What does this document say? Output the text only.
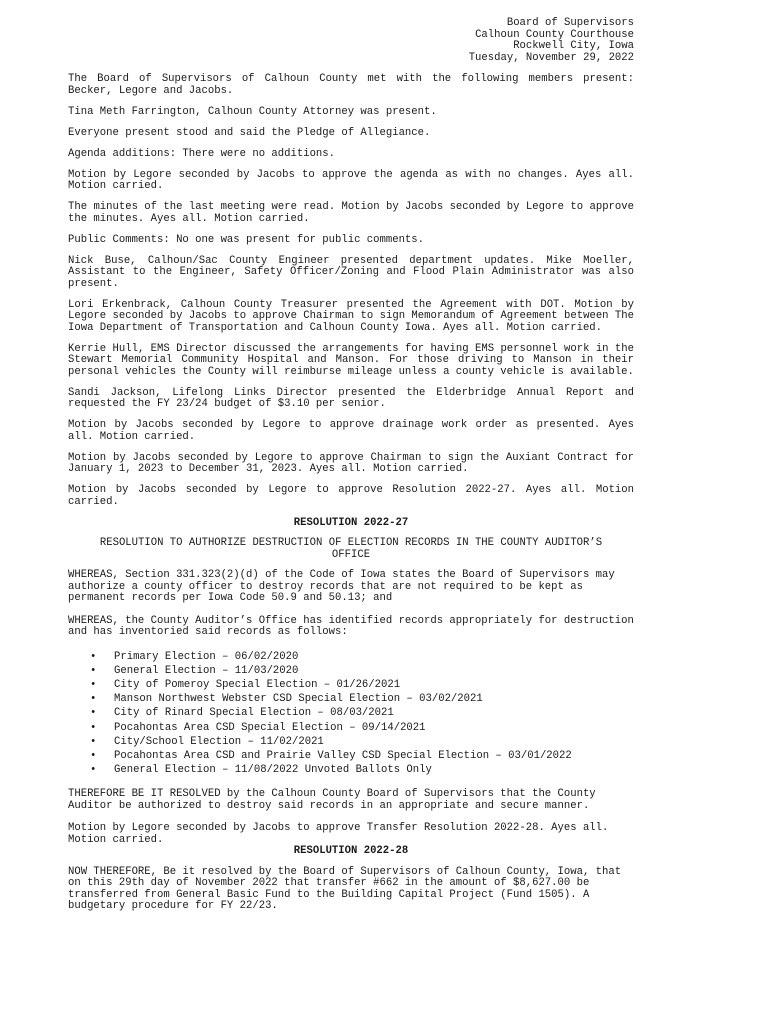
Board of Supervisors
Calhoun County Courthouse
Rockwell City, Iowa
Tuesday, November 29, 2022

The Board of Supervisors of Calhoun County met with the following members present: Becker, Legore and Jacobs.

Tina Meth Farrington, Calhoun County Attorney was present.

Everyone present stood and said the Pledge of Allegiance.

Agenda additions: There were no additions.

Motion by Legore seconded by Jacobs to approve the agenda as with no changes. Ayes all. Motion carried.

The minutes of the last meeting were read. Motion by Jacobs seconded by Legore to approve the minutes. Ayes all. Motion carried.

Public Comments: No one was present for public comments.

Nick Buse, Calhoun/Sac County Engineer presented department updates. Mike Moeller, Assistant to the Engineer, Safety Officer/Zoning and Flood Plain Administrator was also present.

Lori Erkenbrack, Calhoun County Treasurer presented the Agreement with DOT. Motion by Legore seconded by Jacobs to approve Chairman to sign Memorandum of Agreement between The Iowa Department of Transportation and Calhoun County Iowa. Ayes all. Motion carried.

Kerrie Hull, EMS Director discussed the arrangements for having EMS personnel work in the Stewart Memorial Community Hospital and Manson. For those driving to Manson in their personal vehicles the County will reimburse mileage unless a county vehicle is available.

Sandi Jackson, Lifelong Links Director presented the Elderbridge Annual Report and requested the FY 23/24 budget of $3.10 per senior.

Motion by Jacobs seconded by Legore to approve drainage work order as presented. Ayes all. Motion carried.

Motion by Jacobs seconded by Legore to approve Chairman to sign the Auxiant Contract for January 1, 2023 to December 31, 2023. Ayes all. Motion carried.

Motion by Jacobs seconded by Legore to approve Resolution 2022-27. Ayes all. Motion carried.

RESOLUTION 2022-27
RESOLUTION TO AUTHORIZE DESTRUCTION OF ELECTION RECORDS IN THE COUNTY AUDITOR’S OFFICE

WHEREAS, Section 331.323(2)(d) of the Code of Iowa states the Board of Supervisors may authorize a county officer to destroy records that are not required to be kept as permanent records per Iowa Code 50.9 and 50.13; and

WHEREAS, the County Auditor’s Office has identified records appropriately for destruction and has inventoried said records as follows:

• Primary Election – 06/02/2020
• General Election – 11/03/2020
• City of Pomeroy Special Election – 01/26/2021
• Manson Northwest Webster CSD Special Election – 03/02/2021
• City of Rinard Special Election – 08/03/2021
• Pocahontas Area CSD Special Election – 09/14/2021
• City/School Election – 11/02/2021
• Pocahontas Area CSD and Prairie Valley CSD Special Election – 03/01/2022
• General Election – 11/08/2022 Unvoted Ballots Only

THEREFORE BE IT RESOLVED by the Calhoun County Board of Supervisors that the County Auditor be authorized to destroy said records in an appropriate and secure manner.

Motion by Legore seconded by Jacobs to approve Transfer Resolution 2022-28. Ayes all. Motion carried.

RESOLUTION 2022-28

NOW THEREFORE, Be it resolved by the Board of Supervisors of Calhoun County, Iowa, that on this 29th day of November 2022 that transfer #662 in the amount of $8,627.00 be transferred from General Basic Fund to the Building Capital Project (Fund 1505). A budgetary procedure for FY 22/23.
